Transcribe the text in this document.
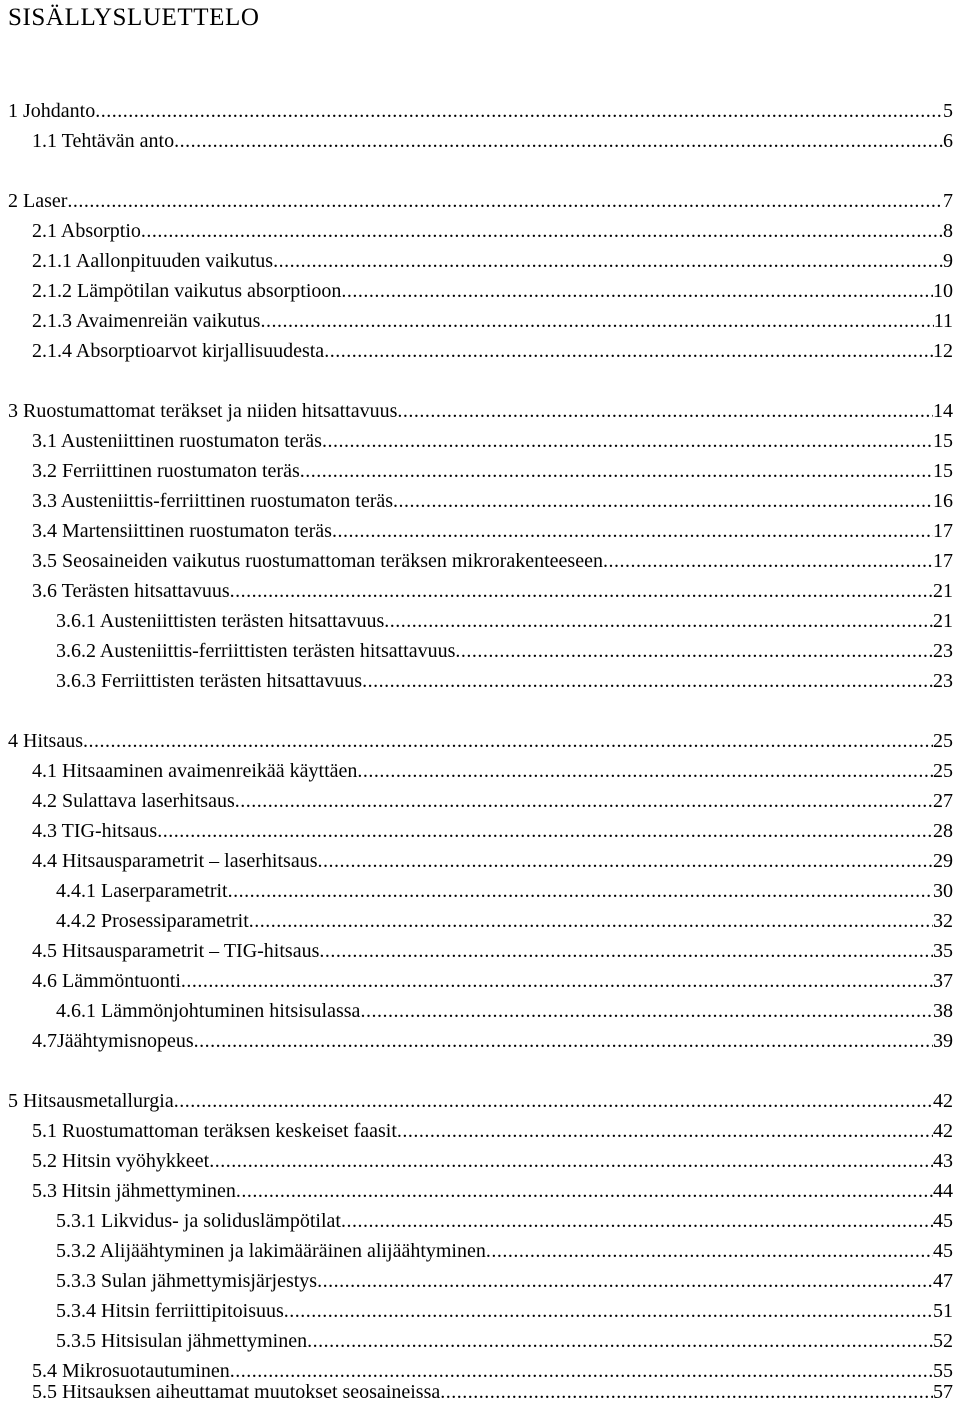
SISÄLLYSLUETTELO
1 Johdanto .....	5
1.1 Tehtävän anto .....	6
2 Laser .....	7
2.1 Absorptio .....	8
2.1.1 Aallonpituuden vaikutus .....	9
2.1.2 Lämpötilan vaikutus absorptioon .....	10
2.1.3 Avaimenreiän vaikutus .....	11
2.1.4 Absorptioarvot kirjallisuudesta .....	12
3 Ruostumattomat teräkset ja niiden hitsattavuus .....	14
3.1 Austeniittinen ruostumaton teräs .....	15
3.2 Ferriittinen ruostumaton teräs .....	15
3.3 Austeniittis-ferriittinen ruostumaton teräs .....	16
3.4 Martensiittinen ruostumaton teräs .....	17
3.5 Seosaineiden vaikutus ruostumattoman teräksen mikrorakenteeseen .....	17
3.6 Terästen hitsattavuus .....	21
3.6.1 Austeniittisten terästen hitsattavuus .....	21
3.6.2 Austeniittis-ferriittisten terästen hitsattavuus .....	23
3.6.3 Ferriittisten terästen hitsattavuus .....	23
4 Hitsaus .....	25
4.1 Hitsaaminen avaimenreikää käyttäen .....	25
4.2 Sulattava laserhitsaus .....	27
4.3 TIG-hitsaus .....	28
4.4 Hitsausparametrit – laserhitsaus .....	29
4.4.1 Laserparametrit .....	30
4.4.2 Prosessiparametrit .....	32
4.5 Hitsausparametrit – TIG-hitsaus .....	35
4.6 Lämmöntuonti .....	37
4.6.1 Lämmönjohtuminen hitsisulassa .....	38
4.7Jäähtymisnopeus .....	39
5 Hitsausmetallurgia .....	42
5.1 Ruostumattoman teräksen keskeiset faasit .....	42
5.2 Hitsin vyöhykkeet .....	43
5.3 Hitsin jähmettyminen .....	44
5.3.1 Likvidus- ja soliduslämpötilat .....	45
5.3.2 Alijäähtyminen ja lakimääräinen alijäähtyminen .....	45
5.3.3 Sulan jähmettymisjärjestys .....	47
5.3.4 Hitsin ferriittipitoisuus .....	51
5.3.5 Hitsisulan jähmettyminen .....	52
5.4 Mikrosuotautuminen .....	55
5.5 Hitsauksen aiheuttamat muutokset seosaineissa .....	57
